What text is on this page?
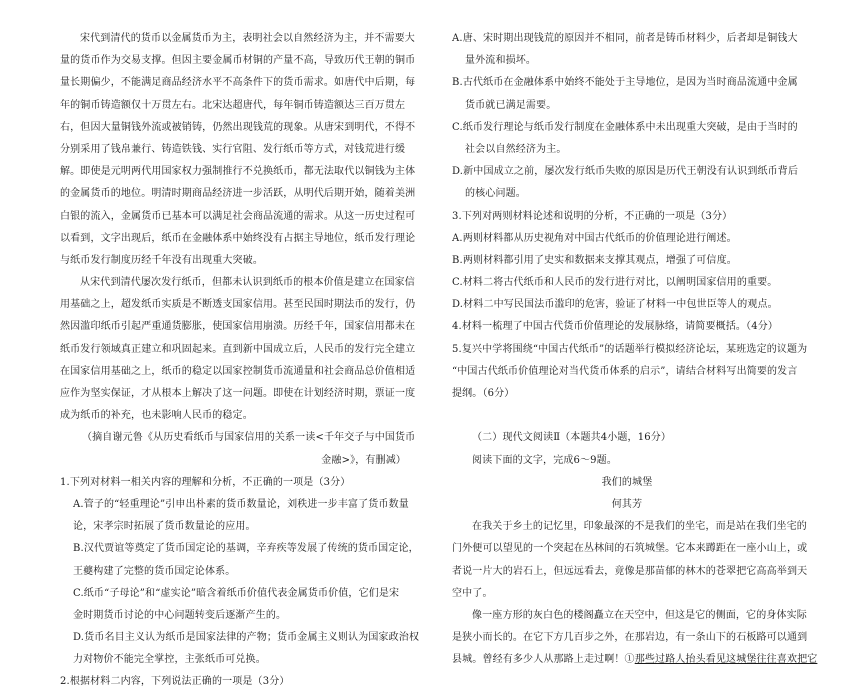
宋代到清代的货币以金属货币为主，表明社会以自然经济为主，并不需要大
量的货币作为交易支撑。但因主要金属币材铜的产量不高，导致历代王朝的铜币
量长期偏少，不能满足商品经济水平不高条件下的货币需求。如唐代中后期，每
年的铜币铸造额仅十万贯左右。北宋达超唐代，每年铜币铸造额达三百万贯左
右，但因大量铜钱外流或被销铸，仍然出现钱荒的现象。从唐宋到明代，不得不
分别采用了钱帛兼行、铸造铁钱、实行官阻、发行纸币等方式，对钱荒进行缓
解。即使是元明两代用国家权力强制推行不兑换纸币，都无法取代以铜钱为主体
的金属货币的地位。明清时期商品经济进一步活跃，从明代后期开始，随着美洲
白银的流入，金属货币已基本可以满足社会商品流通的需求。从这一历史过程可
以看到，文字出现后，纸币在金融体系中始终没有占据主导地位，纸币发行理论
与纸币发行制度历经千年没有出现重大突破。
从宋代到清代屡次发行纸币，但都未认识到纸币的根本价值是建立在国家信
用基础之上，超发纸币实质是不断透支国家信用。甚至民国时期法币的发行，仍
然因滥印纸币引起严重通货膨胀，使国家信用崩溃。历经千年，国家信用都未在
纸币发行领域真正建立和巩固起来。直到新中国成立后，人民币的发行完全建立
在国家信用基础之上，纸币的稳定以国家控制货币流通量和社会商品总价值相适
应作为坚实保证，才从根本上解决了这一问题。即使在计划经济时期，票证一度
成为纸币的补充，也未影响人民币的稳定。
（摘自谢元鲁《从历史看纸币与国家信用的关系一读<千年交子与中国货币
金融>》，有删减）
1.下列对材料一相关内容的理解和分析，不正确的一项是（3分）
A.管子的“轻重理论”引申出朴素的货币数量论，刘秩进一步丰富了货币数量
论，宋孝宗时拓展了货币数量论的应用。
B.汉代贾谊等奠定了货币国定论的基调，辛弃疾等发展了传统的货币国定论，
王夔构建了完整的货币国定论体系。
C.纸币“子母论”和“虚实论”暗含着纸币价值代表金属货币价值，它们是宋
金时期货币讨论的中心问题转变后逐渐产生的。
D.货币名目主义认为纸币是国家法律的产物；货币金属主义则认为国家政治权
力对物价不能完全掌控，主张纸币可兑换。
2.根据材料二内容，下列说法正确的一项是（3分）
A.唐、宋时期出现钱荒的原因并不相同，前者是铸币材料少，后者却是铜钱大
量外流和损坏。
B.古代纸币在金融体系中始终不能处于主导地位，是因为当时商品流通中金属
货币就已满足需要。
C.纸币发行理论与纸币发行制度在金融体系中未出现重大突破，是由于当时的
社会以自然经济为主。
D.新中国成立之前，屡次发行纸币失败的原因是历代王朝没有认识到纸币背后
的核心问题。
3.下列对两则材料论述和说明的分析，不正确的一项是（3分）
A.两则材料都从历史视角对中国古代纸币的价值理论进行阐述。
B.两则材料都引用了史实和数据来支撑其观点，增强了可信度。
C.材料二将古代纸币和人民币的发行进行对比，以阐明国家信用的重要。
D.材料二中写民国法币滥印的危害，验证了材料一中包世臣等人的观点。
4.材料一梳理了中国古代货币价值理论的发展脉络，请简要概括。（4分）
5.复兴中学将围绕“中国古代纸币”的话题举行模拟经济论坛，某班选定的议题为
“中国古代纸币价值理论对当代货币体系的启示”，请结合材料写出简要的发言
提纲。（6分）
（二）现代文阅读Ⅱ（本题共4小题，16分）
阅读下面的文字，完成6～9题。
我们的城堡
何其芳
在我关于乡土的记忆里，印象最深的不是我们的坐宅，而是站在我们坐宅的
门外便可以望见的一个突起在丛林间的石筑城堡。它本来蹲距在一座小山上，或
者说一片大的岩石上，但远远看去，竟像是那苗郁的林木的苍翠把它高高举到天
空中了。
像一座方形的灰白色的楼阁矗立在天空中，但这是它的侧面，它的身体实际
是狭小而长的。在它下方几百步之外，在那岩边，有一条山下的石板路可以通到
县城。曾经有多少人从那路上走过啊！①那些过路人抬头看见这城堡往往喜欢把它
